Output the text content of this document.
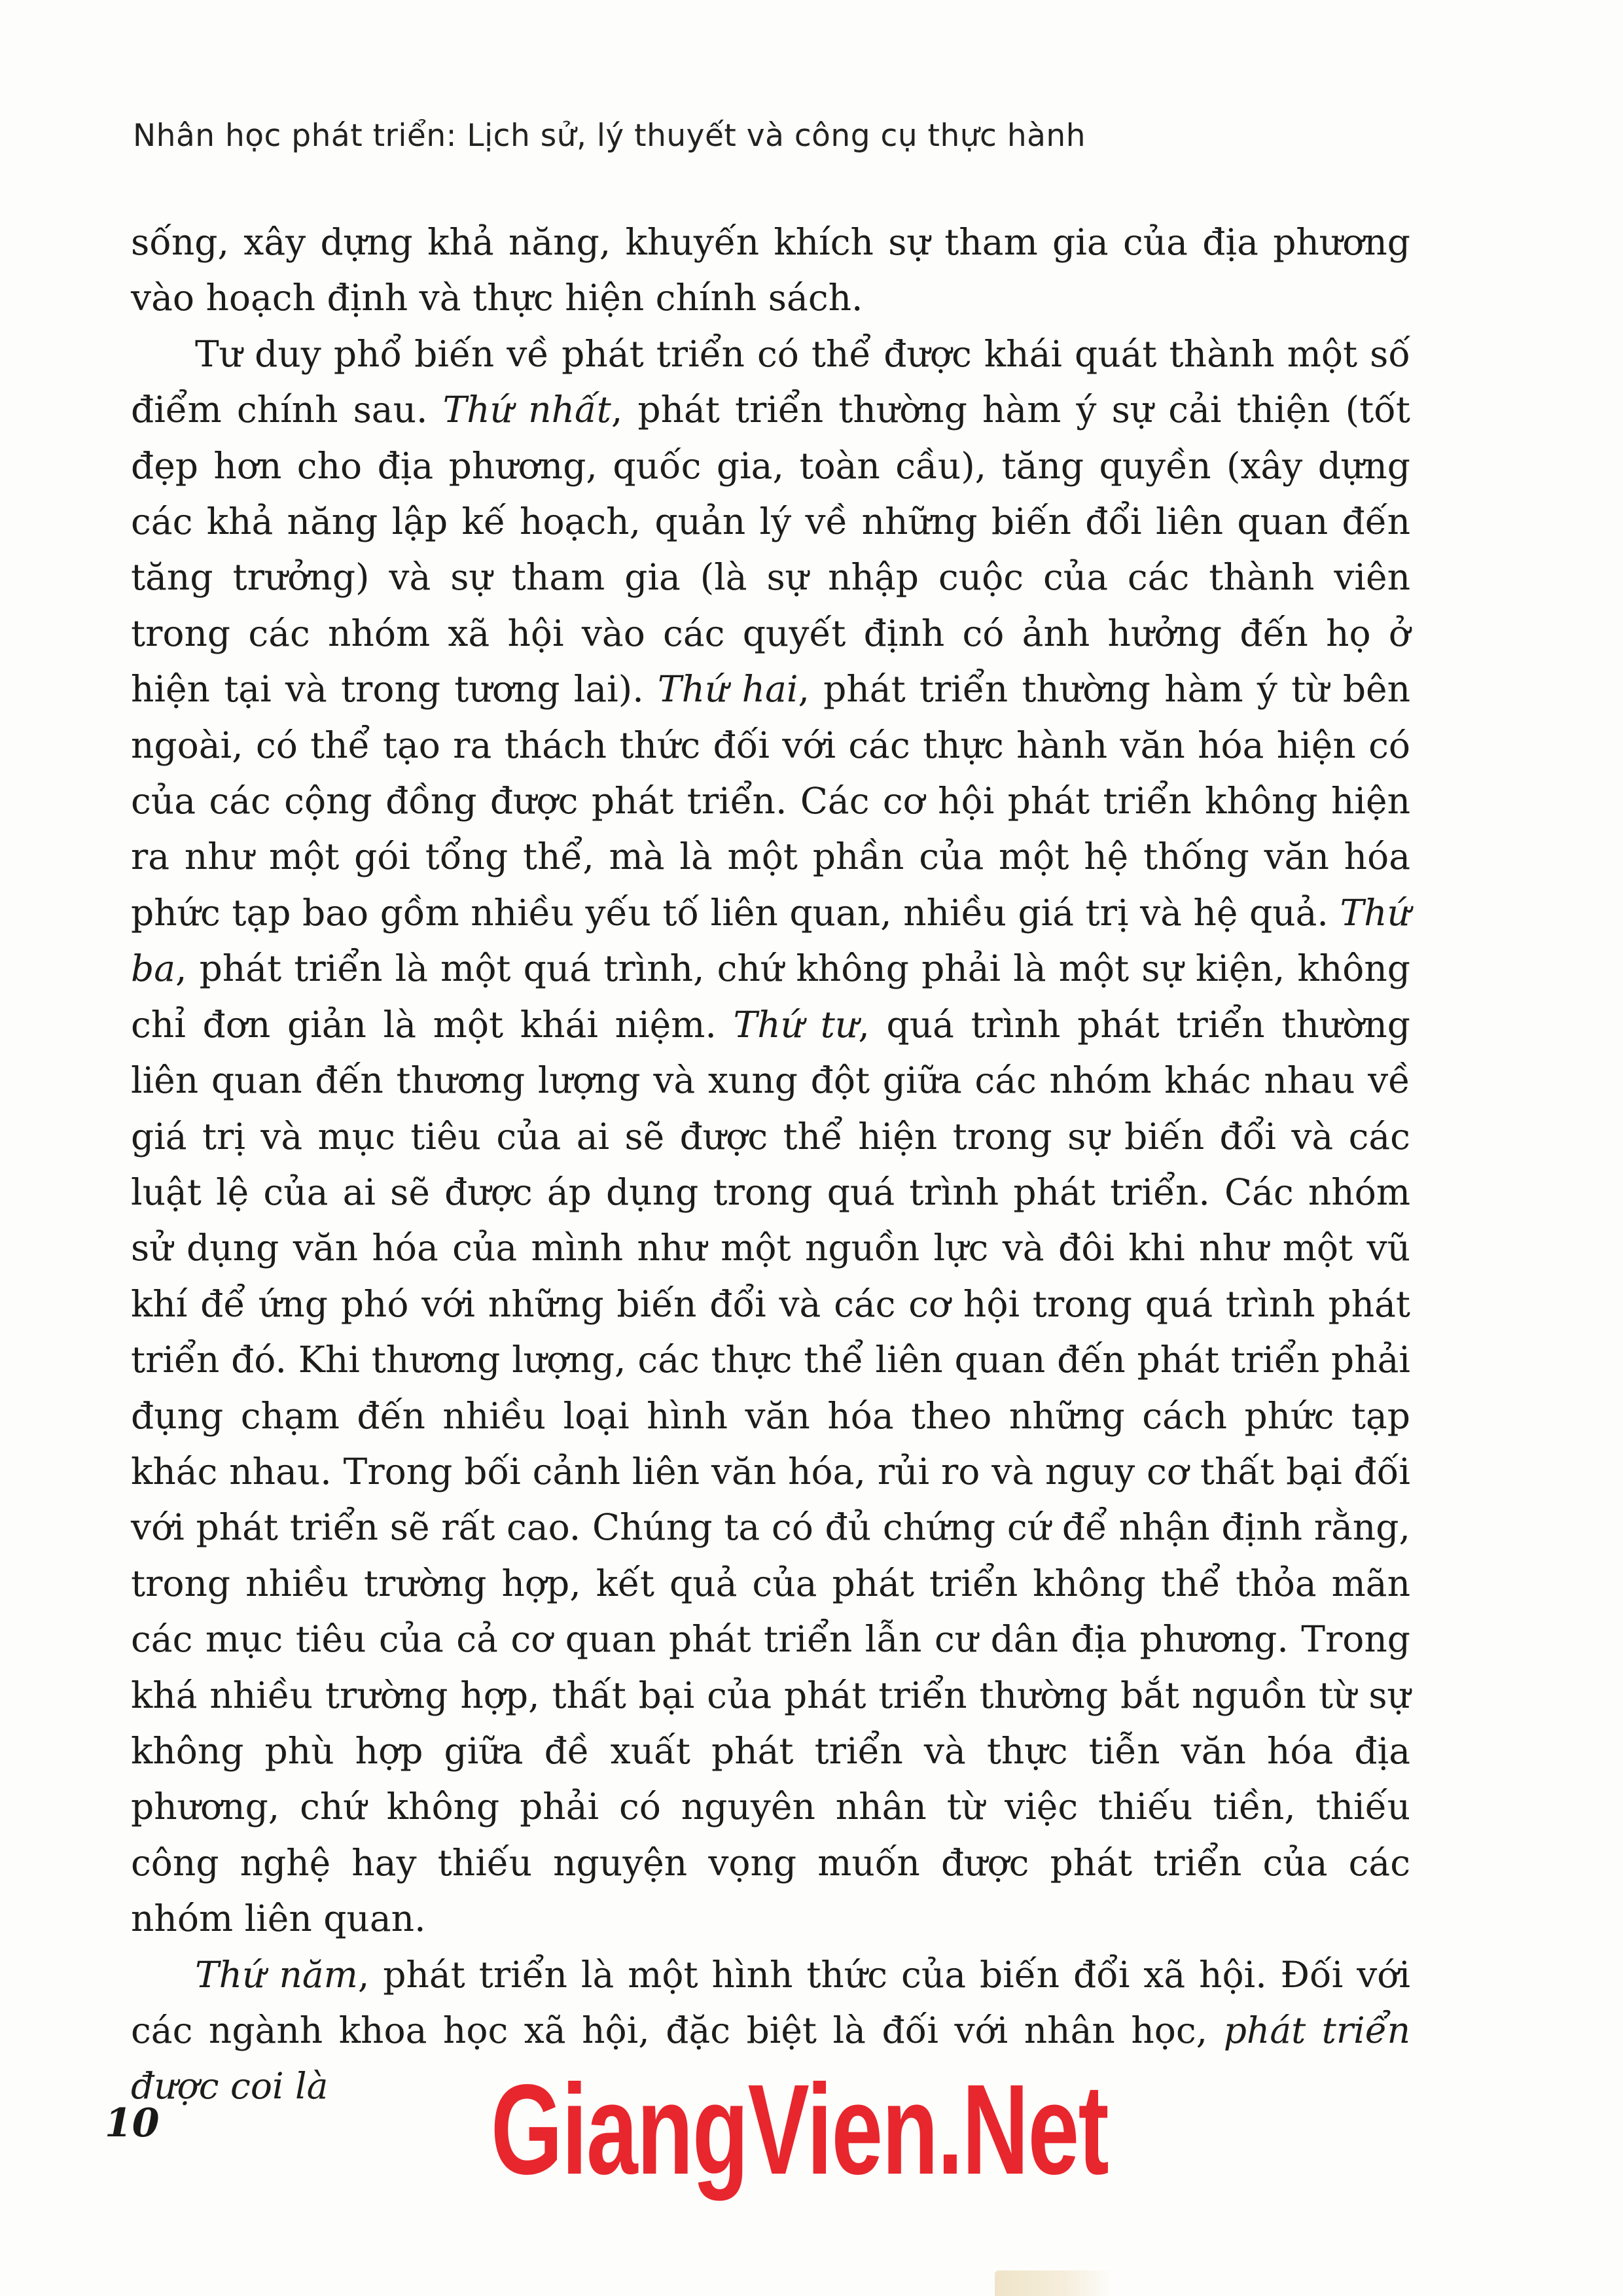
Nhân học phát triển: Lịch sử, lý thuyết và công cụ thực hành

sống, xây dựng khả năng, khuyến khích sự tham gia của địa phương vào hoạch định và thực hiện chính sách.

Tư duy phổ biến về phát triển có thể được khái quát thành một số điểm chính sau. Thứ nhất, phát triển thường hàm ý sự cải thiện (tốt đẹp hơn cho địa phương, quốc gia, toàn cầu), tăng quyền (xây dựng các khả năng lập kế hoạch, quản lý về những biến đổi liên quan đến tăng trưởng) và sự tham gia (là sự nhập cuộc của các thành viên trong các nhóm xã hội vào các quyết định có ảnh hưởng đến họ ở hiện tại và trong tương lai). Thứ hai, phát triển thường hàm ý từ bên ngoài, có thể tạo ra thách thức đối với các thực hành văn hóa hiện có của các cộng đồng được phát triển. Các cơ hội phát triển không hiện ra như một gói tổng thể, mà là một phần của một hệ thống văn hóa phức tạp bao gồm nhiều yếu tố liên quan, nhiều giá trị và hệ quả. Thứ ba, phát triển là một quá trình, chứ không phải là một sự kiện, không chỉ đơn giản là một khái niệm. Thứ tư, quá trình phát triển thường liên quan đến thương lượng và xung đột giữa các nhóm khác nhau về giá trị và mục tiêu của ai sẽ được thể hiện trong sự biến đổi và các luật lệ của ai sẽ được áp dụng trong quá trình phát triển. Các nhóm sử dụng văn hóa của mình như một nguồn lực và đôi khi như một vũ khí để ứng phó với những biến đổi và các cơ hội trong quá trình phát triển đó. Khi thương lượng, các thực thể liên quan đến phát triển phải đụng chạm đến nhiều loại hình văn hóa theo những cách phức tạp khác nhau. Trong bối cảnh liên văn hóa, rủi ro và nguy cơ thất bại đối với phát triển sẽ rất cao. Chúng ta có đủ chứng cứ để nhận định rằng, trong nhiều trường hợp, kết quả của phát triển không thể thỏa mãn các mục tiêu của cả cơ quan phát triển lẫn cư dân địa phương. Trong khá nhiều trường hợp, thất bại của phát triển thường bắt nguồn từ sự không phù hợp giữa đề xuất phát triển và thực tiễn văn hóa địa phương, chứ không phải có nguyên nhân từ việc thiếu tiền, thiếu công nghệ hay thiếu nguyện vọng muốn được phát triển của các nhóm liên quan.

Thứ năm, phát triển là một hình thức của biến đổi xã hội. Đối với các ngành khoa học xã hội, đặc biệt là đối với nhân học, phát triển được coi là

10	GiangVien.Net
